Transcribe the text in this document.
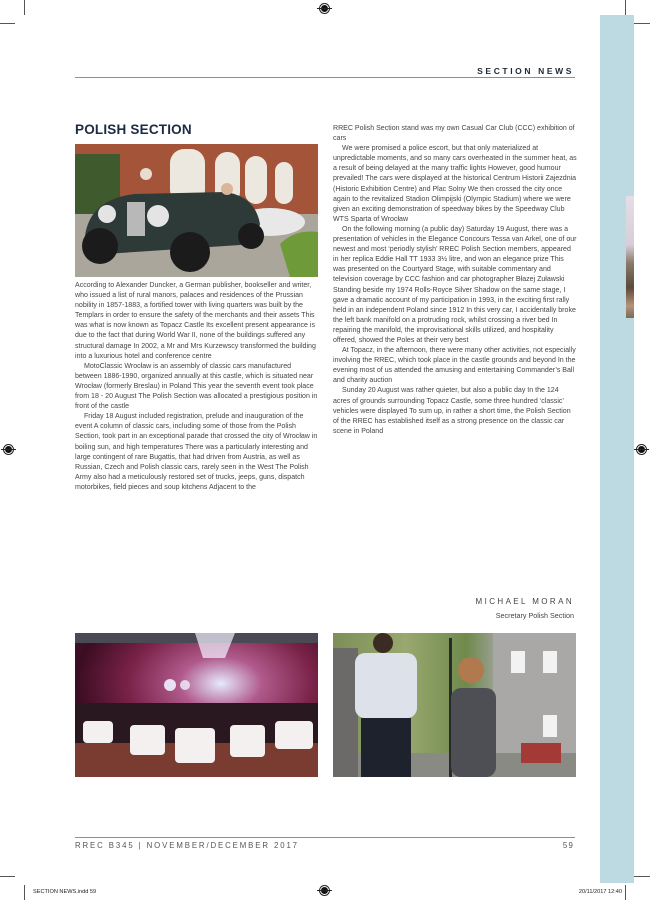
SECTION NEWS
POLISH SECTION

According to Alexander Duncker, a German publisher, bookseller and writer, who issued a list of rural manors, palaces and residences of the Prussian nobility in 1857-1883, a fortified tower with living quarters was built by the Templars in order to ensure the safety of the merchants and their assets This was what is now known as Topacz Castle Its excellent present appearance is due to the fact that during World War II, none of the buildings suffered any structural damage In 2002, a Mr and Mrs Kurzewscy transformed the building into a luxurious hotel and conference centre

MotoClassic Wrocław is an assembly of classic cars manufactured between 1886-1990, organized annually at this castle, which is situated near Wrocław (formerly Breslau) in Poland This year the seventh event took place from 18 - 20 August The Polish Section was allocated a prestigious position in front of the castle

Friday 18 August included registration, prelude and inauguration of the event A column of classic cars, including some of those from the Polish Section, took part in an exceptional parade that crossed the city of Wrocław in boiling sun, and high temperatures There was a particularly interesting and large contingent of rare Bugattis, that had driven from Austria, as well as Russian, Czech and Polish classic cars, rarely seen in the West The Polish Army also had a meticulously restored set of trucks, jeeps, guns, dispatch motorbikes, field pieces and soup kitchens Adjacent to the

RREC Polish Section stand was my own Casual Car Club (CCC) exhibition of cars

We were promised a police escort, but that only materialized at unpredictable moments, and so many cars overheated in the summer heat, as a result of being delayed at the many traffic lights However, good humour prevailed! The cars were displayed at the historical Centrum Historii Zajezdnia (Historic Exhibition Centre) and Plac Solny We then crossed the city once again to the revitalized Stadion Olimpijski (Olympic Stadium) where we were given an exciting demonstration of speedway bikes by the Speedway Club WTS Sparta of Wrocław

On the following morning (a public day) Saturday 19 August, there was a presentation of vehicles in the Elegance Concours Tessa van Arkel, one of our newest and most ‘periodly stylish’ RREC Polish Section members, appeared in her replica Eddie Hall TT 1933 3½ litre, and won an elegance prize This was presented on the Courtyard Stage, with suitable commentary and television coverage by CCC fashion and car photographer Błazej Zuławski Standing beside my 1974 Rolls-Royce Silver Shadow on the same stage, I gave a dramatic account of my participation in 1993, in the exciting first rally held in an independent Poland since 1912 In this very car, I accidentally broke the left bank manifold on a protruding rock, whilst crossing a river bed In repairing the manifold, the improvisational skills utilized, and hospitality offered, showed the Poles at their very best

At Topacz, in the afternoon, there were many other activities, not especially involving the RREC, which took place in the castle grounds and beyond In the evening most of us attended the amusing and entertaining Commander’s Ball and charity auction

Sunday 20 August was rather quieter, but also a public day In the 124 acres of grounds surrounding Topacz Castle, some three hundred ‘classic’ vehicles were displayed To sum up, in rather a short time, the Polish Section of the RREC has established itself as a strong presence on the classic car scene in Poland

MICHAEL MORAN
Secretary Polish Section
RREC B345 | NOVEMBER/DECEMBER 2017	59
SECTION NEWS.indd 59	20/11/2017 12:40
